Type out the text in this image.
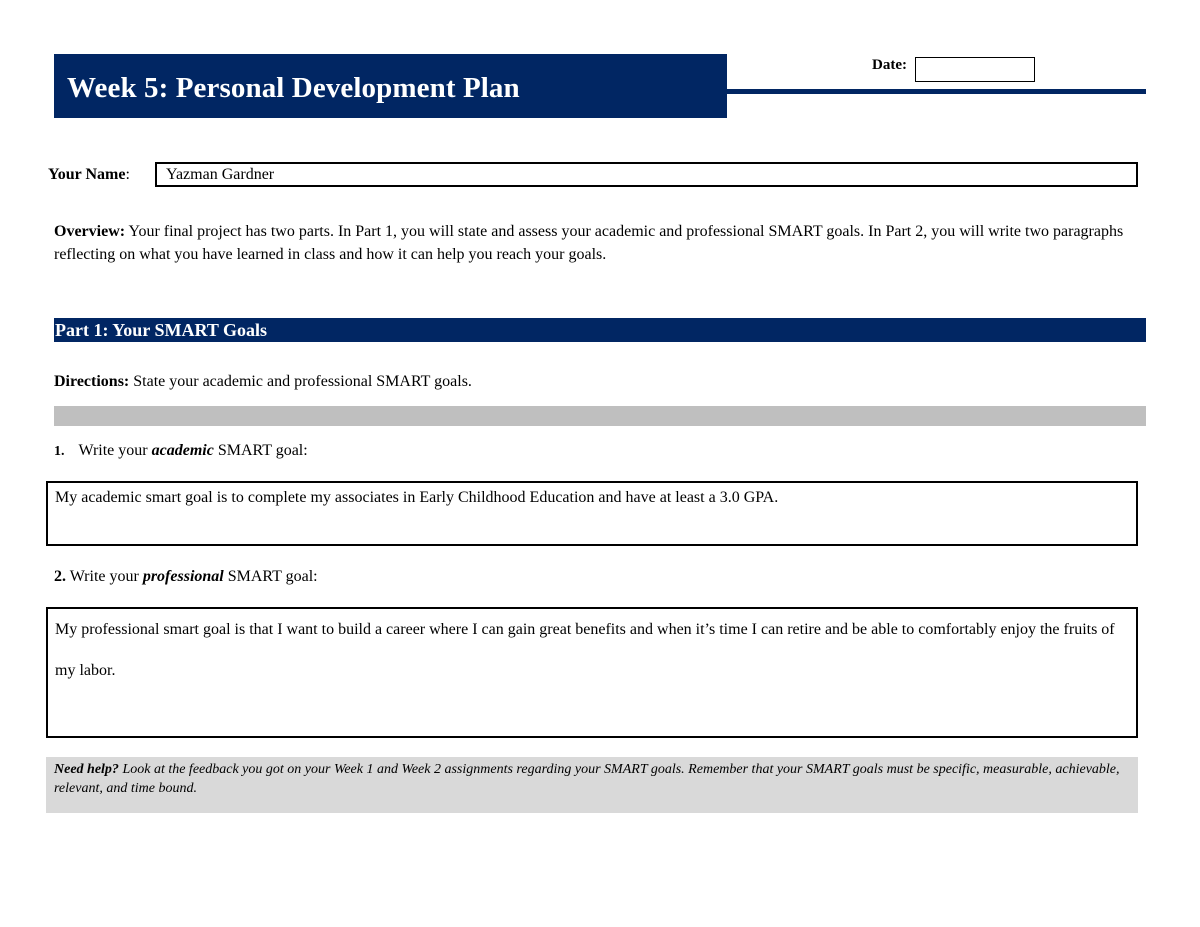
Week 5: Personal Development Plan
Date:
Your Name:	Yazman Gardner
Overview: Your final project has two parts. In Part 1, you will state and assess your academic and professional SMART goals. In Part 2, you will write two paragraphs reflecting on what you have learned in class and how it can help you reach your goals.
Part 1: Your SMART Goals
Directions: State your academic and professional SMART goals.
1. Write your academic SMART goal:
My academic smart goal is to complete my associates in Early Childhood Education and have at least a 3.0 GPA.
2. Write your professional SMART goal:
My professional smart goal is that I want to build a career where I can gain great benefits and when it’s time I can retire and be able to comfortably enjoy the fruits of my labor.
Need help? Look at the feedback you got on your Week 1 and Week 2 assignments regarding your SMART goals. Remember that your SMART goals must be specific, measurable, achievable, relevant, and time bound.
